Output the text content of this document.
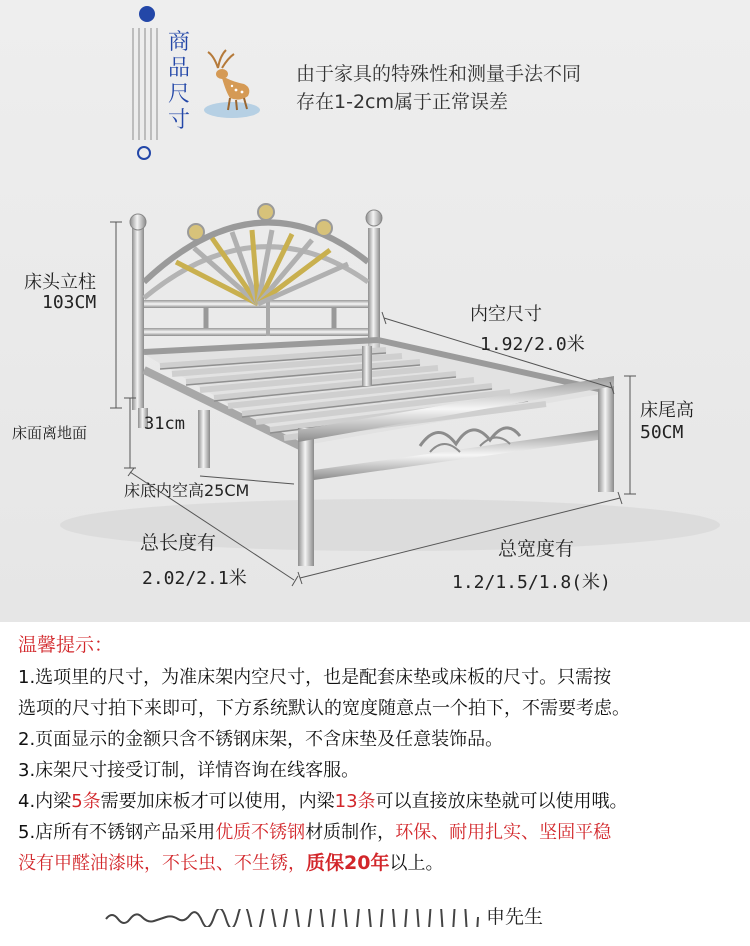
商品尺寸
由于家具的特殊性和测量手法不同
存在1-2cm属于正常误差
床头立柱
103CM
内空尺寸
1.92/2.0米
床尾高
50CM
31cm
床面离地面
床底内空高25CM
总长度有
2.02/2.1米
总宽度有
1.2/1.5/1.8(米)
温馨提示：

1.选项里的尺寸，为准床架内空尺寸，也是配套床垫或床板的尺寸。只需按

选项的尺寸拍下来即可，下方系统默认的宽度随意点一个拍下，不需要考虑。

2.页面显示的金额只含不锈钢床架，不含床垫及任意装饰品。

3.床架尺寸接受订制，详情咨询在线客服。

4.内梁5条需要加床板才可以使用，内梁13条可以直接放床垫就可以使用哦。

5.店所有不锈钢产品采用优质不锈钢材质制作，环保、耐用扎实、坚固平稳

没有甲醛油漆味，不长虫、不生锈，质保20年以上。

申先生
